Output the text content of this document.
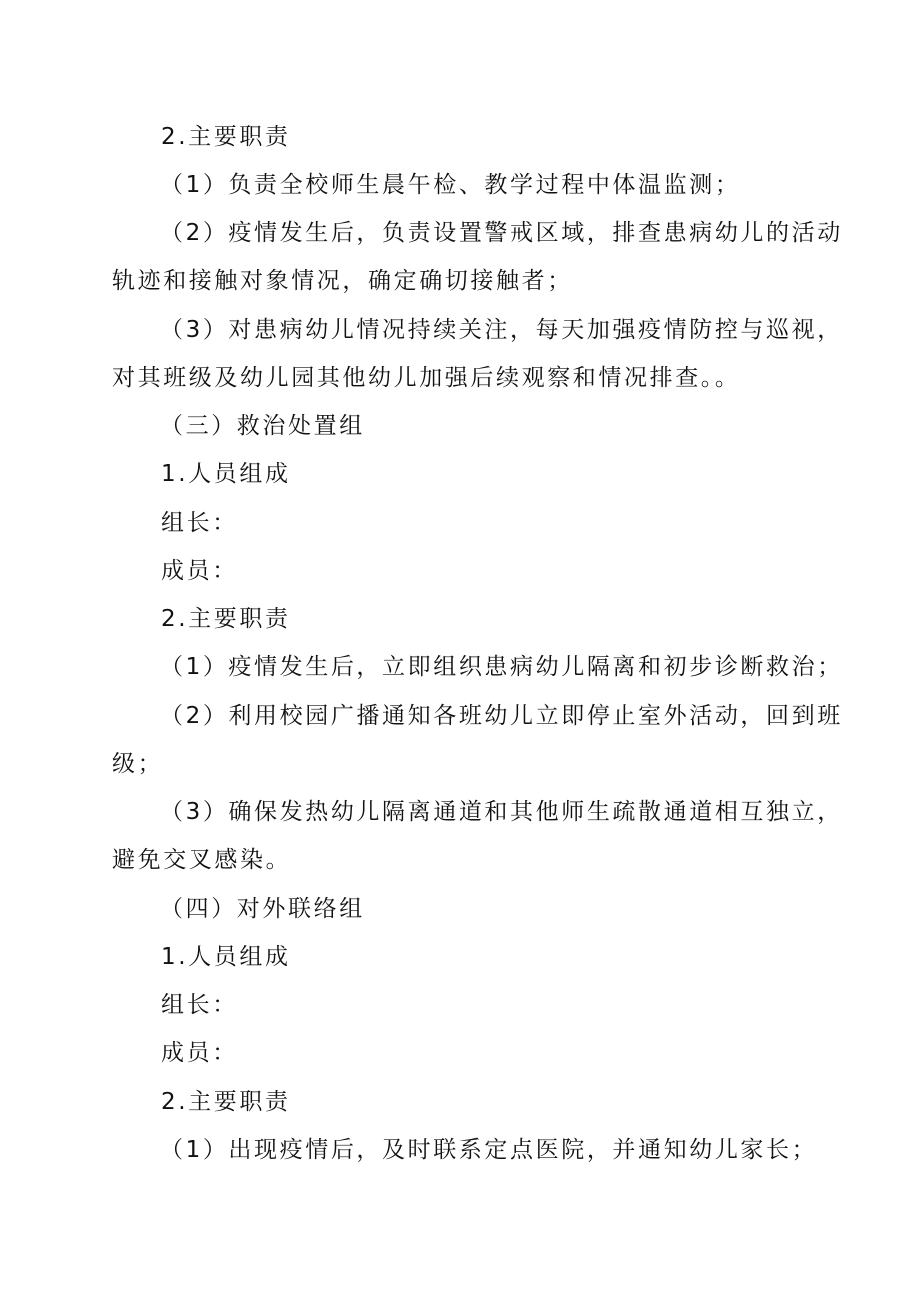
2.主要职责
（1）负责全校师生晨午检、教学过程中体温监测；
（2）疫情发生后，负责设置警戒区域，排查患病幼儿的活动
轨迹和接触对象情况，确定确切接触者；
（3）对患病幼儿情况持续关注，每天加强疫情防控与巡视，
对其班级及幼儿园其他幼儿加强后续观察和情况排查。。
（三）救治处置组
1.人员组成
组长：
成员：
2.主要职责
（1）疫情发生后，立即组织患病幼儿隔离和初步诊断救治；
（2）利用校园广播通知各班幼儿立即停止室外活动，回到班
级；
（3）确保发热幼儿隔离通道和其他师生疏散通道相互独立，
避免交叉感染。
（四）对外联络组
1.人员组成
组长：
成员：
2.主要职责
（1）出现疫情后，及时联系定点医院，并通知幼儿家长；
